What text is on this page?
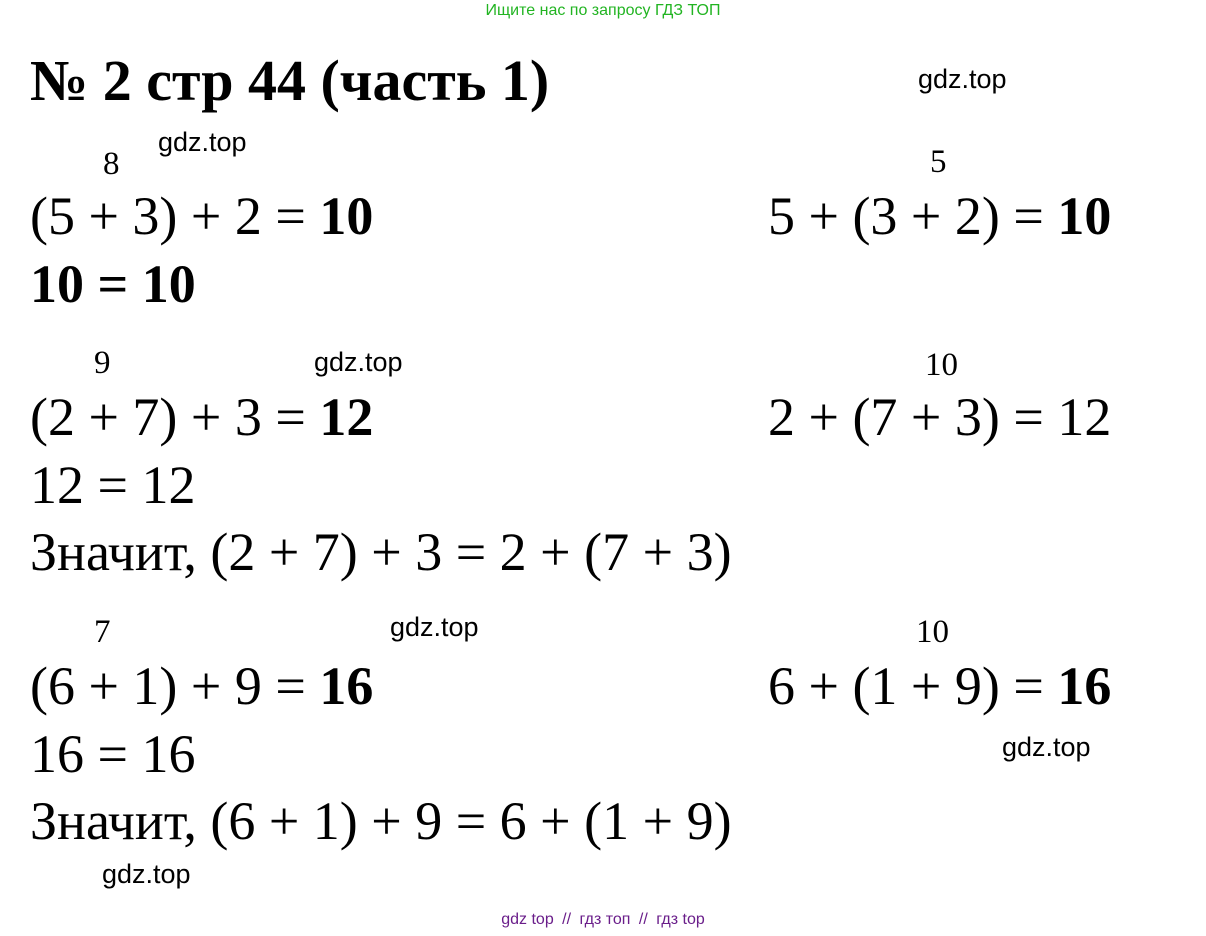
Ищите нас по запросу ГДЗ ТОП
№ 2 стр 44 (часть 1)	gdz.top
gdz.top
gdz.top
gdz.top
gdz.top
gdz.top
8
(5 + 3) + 2 = 10
5
5 + (3 + 2) = 10
10 = 10
9
(2 + 7) + 3 = 12
10
2 + (7 + 3) = 12
12 = 12
Значит, (2 + 7) + 3 = 2 + (7 + 3)
7
(6 + 1) + 9 = 16
10
6 + (1 + 9) = 16
16 = 16
Значит, (6 + 1) + 9 = 6 + (1 + 9)
gdz top // гдз топ // гдз top
